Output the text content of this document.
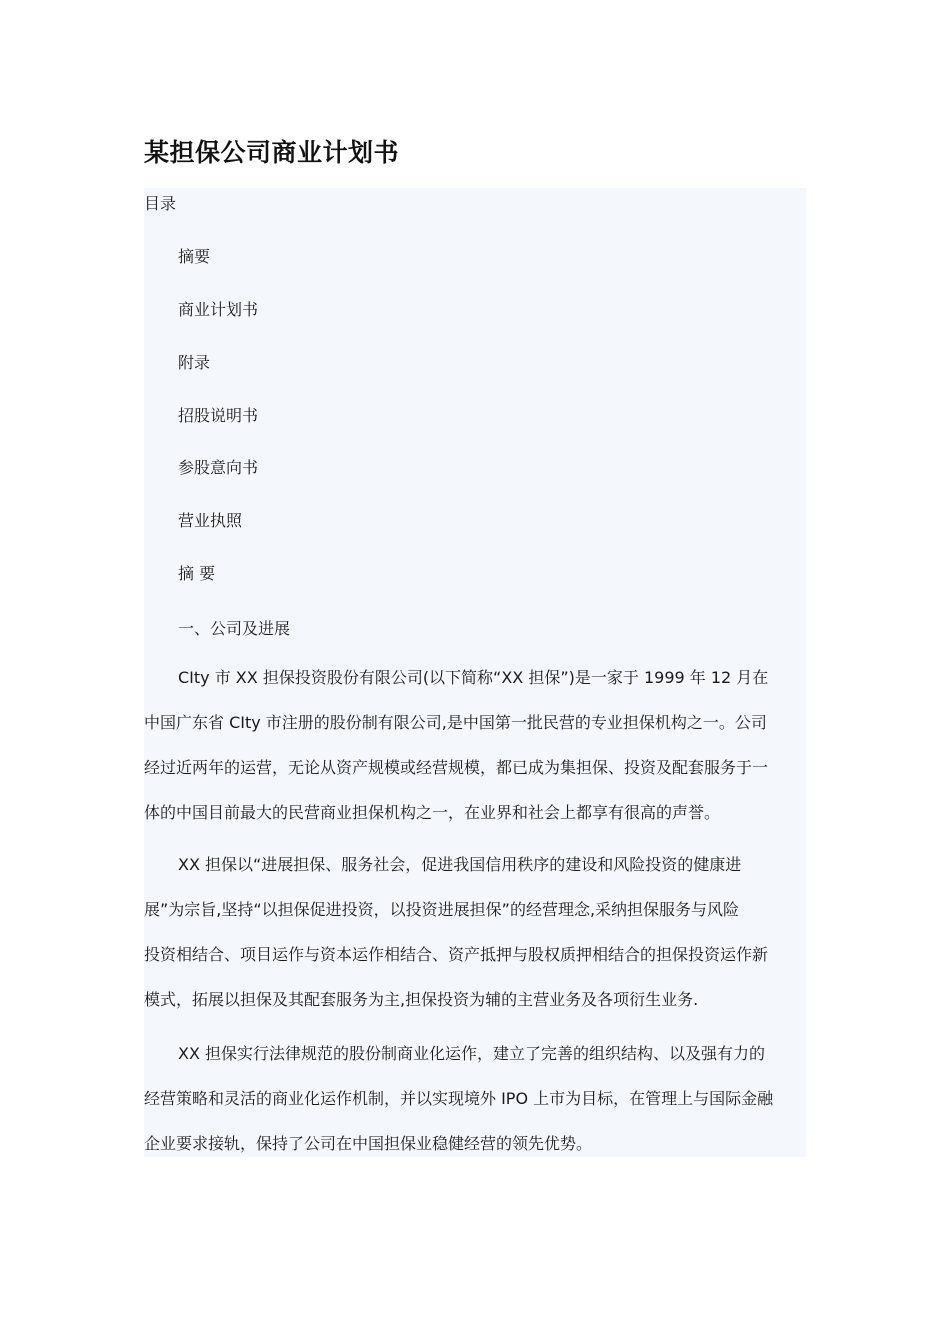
某担保公司商业计划书
目录
摘要
商业计划书
附录
招股说明书
参股意向书
营业执照
摘 要
一、公司及进展
CIty 市 XX 担保投资股份有限公司(以下简称“XX 担保”)是一家于 1999 年 12 月在
中国广东省 CIty 市注册的股份制有限公司,是中国第一批民营的专业担保机构之一。公司
经过近两年的运营，无论从资产规模或经营规模，都已成为集担保、投资及配套服务于一
体的中国目前最大的民营商业担保机构之一，在业界和社会上都享有很高的声誉。
XX 担保以“进展担保、服务社会，促进我国信用秩序的建设和风险投资的健康进
展”为宗旨,坚持“以担保促进投资，以投资进展担保”的经营理念,采纳担保服务与风险
投资相结合、项目运作与资本运作相结合、资产抵押与股权质押相结合的担保投资运作新
模式，拓展以担保及其配套服务为主,担保投资为辅的主营业务及各项衍生业务.
XX 担保实行法律规范的股份制商业化运作，建立了完善的组织结构、以及强有力的
经营策略和灵活的商业化运作机制，并以实现境外 IPO 上市为目标，在管理上与国际金融
企业要求接轨，保持了公司在中国担保业稳健经营的领先优势。
